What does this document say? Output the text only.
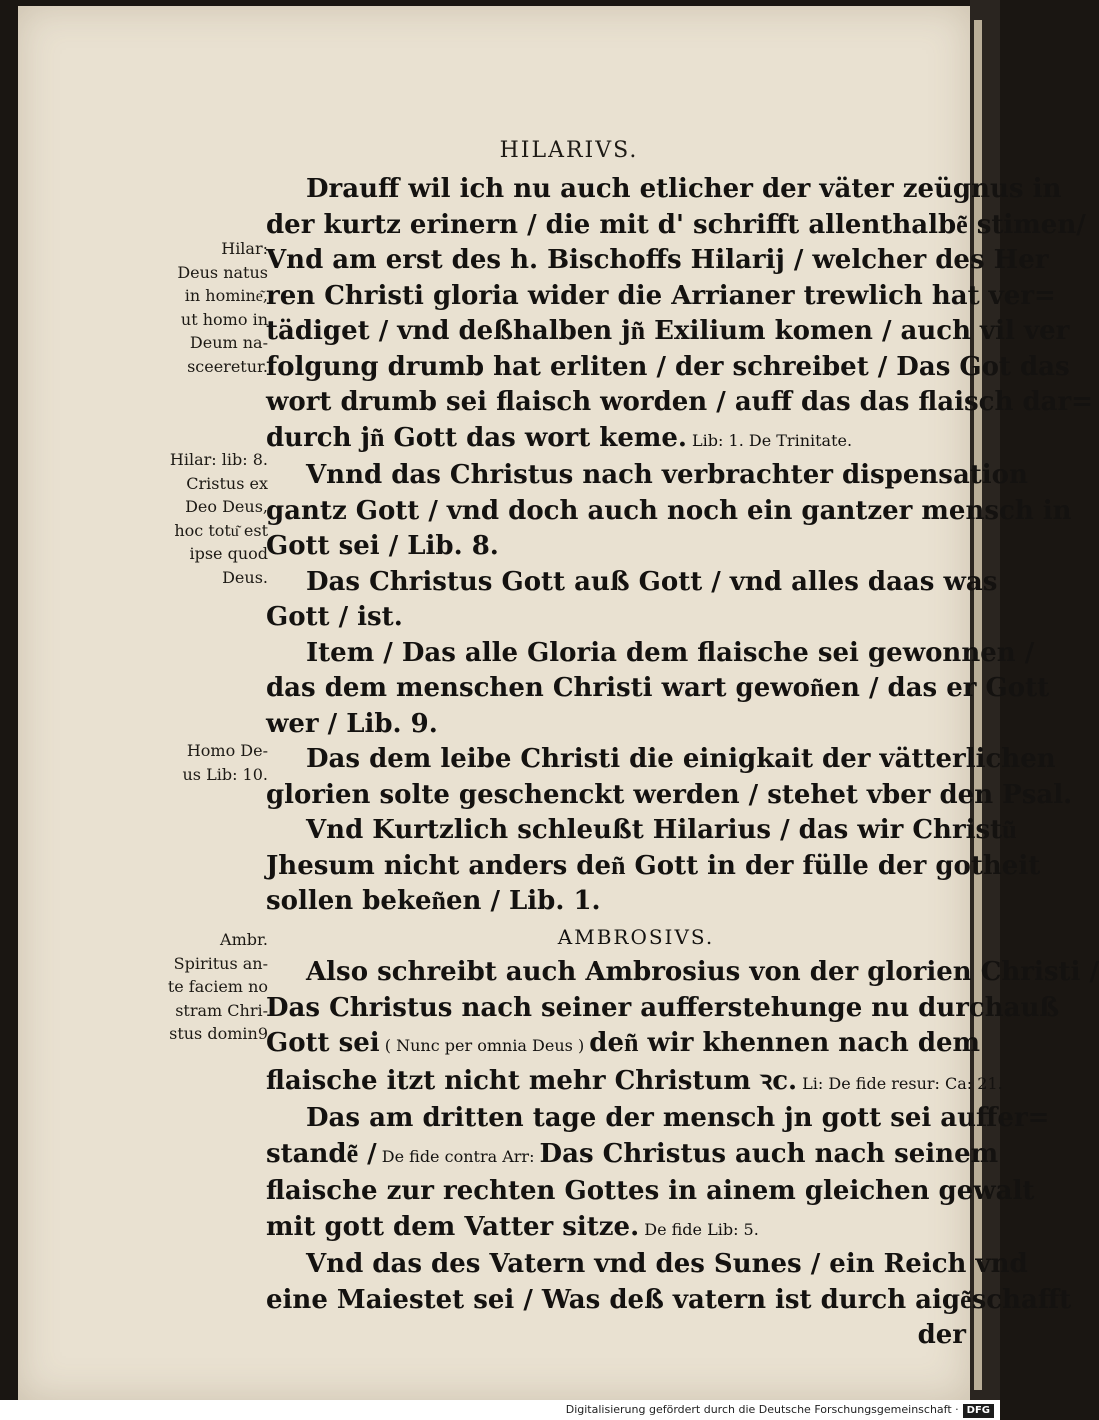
HILARIVS.
Hilar:
Deus natus
in homine͂,
ut homo in
Deum na-
sceeretur.
Hilar: lib: 8.
Cristus ex
Deo Deus,
hoc totu͂ est
ipse quod
Deus.
Homo De-
us Lib: 10.
Ambr.
Spiritus an-
te faciem no
stram Chri-
stus domin9
Drauff wil ich nu auch etlicher der väter zeügnus in
der kurtz erinern / die mit d' schrifft allenthalbe͂ stimen/
Vnd am erst des h. Bischoffs Hilarij / welcher des Her
ren Christi gloria wider die Arrianer trewlich hat ver=
tädiget / vnd deßhalben jn͂ Exilium komen / auch vil ver
folgung drumb hat erliten / der schreibet / Das Got das
wort drumb sei flaisch worden / auff das das flaisch dar=
durch jn͂ Gott das wort keme. Lib: 1. De Trinitate.
Vnnd das Christus nach verbrachter dispensation
gantz Gott / vnd doch auch noch ein gantzer mensch in
Gott sei / Lib. 8.
Das Christus Gott auß Gott / vnd alles daas was
Gott / ist.
Item / Das alle Gloria dem flaische sei gewonnen /
das dem menschen Christi wart gewon͂en / das er Gott
wer / Lib. 9.
Das dem leibe Christi die einigkait der vätterlichen
glorien solte geschenckt werden / stehet vber den Psal.
Vnd Kurtzlich schleußt Hilarius / das wir Christu͂
Jhesum nicht anders den͂ Gott in der fülle der gotheit
sollen beken͂en / Lib. 1.
AMBROSIVS.
Also schreibt auch Ambrosius von der glorien Christi /
Das Christus nach seiner aufferstehunge nu durchauß
Gott sei ( Nunc per omnia Deus ) den͂ wir khennen nach dem
flaische itzt nicht mehr Christum ꝛc. Li: De fide resur: Ca: 21.
Das am dritten tage der mensch jn gott sei auffer=
stande͂ / De fide contra Arr: Das Christus auch nach seinem
flaische zur rechten Gottes in ainem gleichen gewalt
mit gott dem Vatter sitze. De fide Lib: 5.
Vnd das des Vatern vnd des Sunes / ein Reich vnd
eine Maiestet sei / Was deß vatern ist durch aige͂schafft
der
Digitalisierung gefördert durch die Deutsche Forschungsgemeinschaft · DFG
